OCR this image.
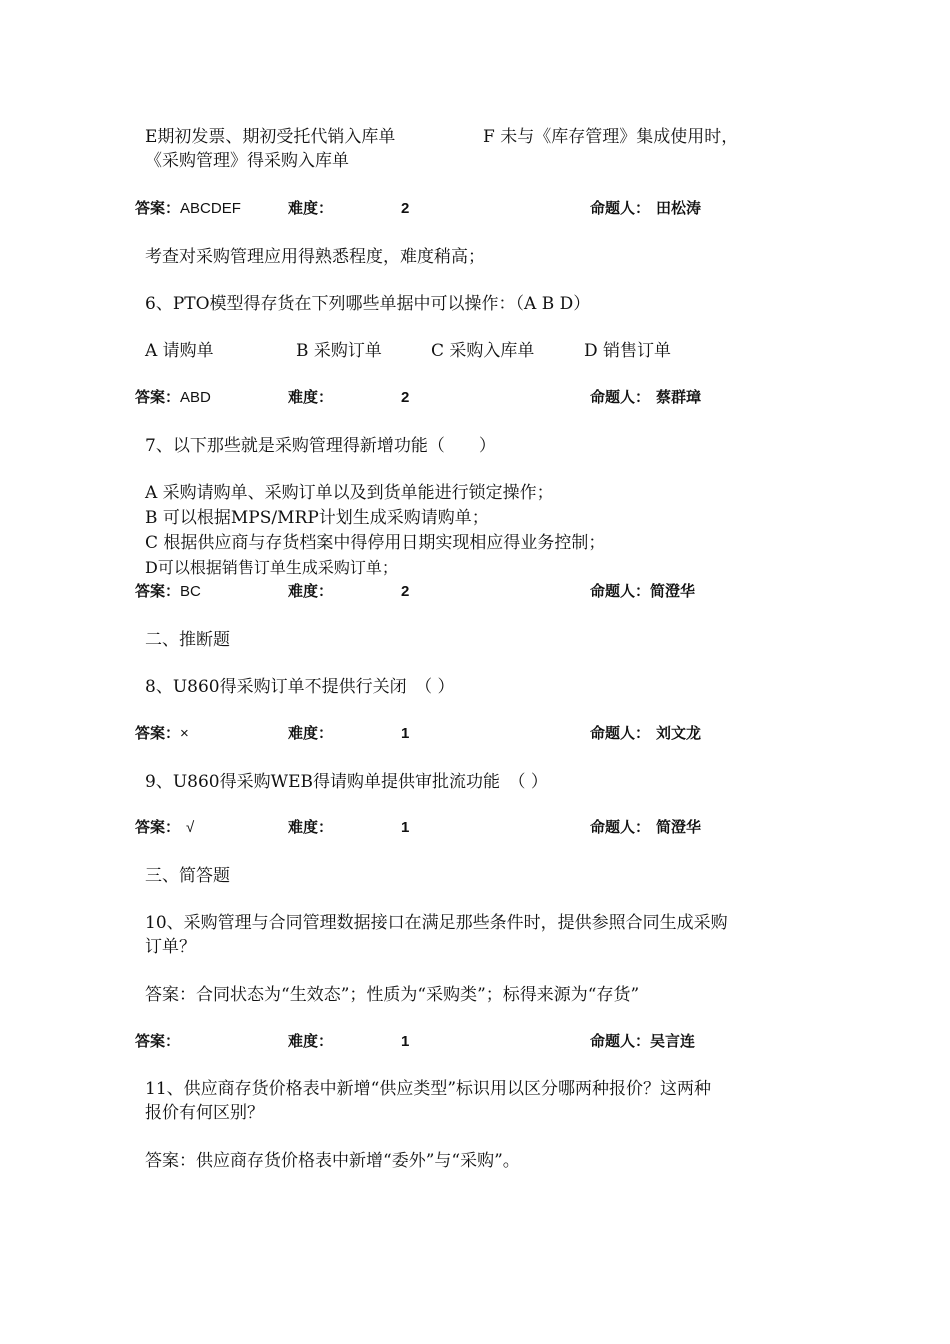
E期初发票、期初受托代销入库单	F 未与《库存管理》集成使用时，
《采购管理》得采购入库单
答案：ABCDEF	难度：	2	命题人： 田松涛
考查对采购管理应用得熟悉程度，难度稍高；
6、PTO模型得存货在下列哪些单据中可以操作：（A B D）
A 请购单	B 采购订单	C 采购入库单	D 销售订单
答案：ABD	难度：	2	命题人： 蔡群璋
7、以下那些就是采购管理得新增功能（　　）
A 采购请购单、采购订单以及到货单能进行锁定操作；
B 可以根据MPS/MRP计划生成采购请购单；
C 根据供应商与存货档案中得停用日期实现相应得业务控制；
D可以根据销售订单生成采购订单；
答案：BC	难度：	2	命题人：简澄华
二、推断题
8、U860得采购订单不提供行关闭　（ ）
答案：×	难度：	1	命题人： 刘文龙
9、U860得采购WEB得请购单提供审批流功能　（ ）
答案： √	难度：	1	命题人： 简澄华
三、简答题
10、采购管理与合同管理数据接口在满足那些条件时，提供参照合同生成采购
订单？
答案：合同状态为“生效态”；性质为“采购类”；标得来源为“存货”
答案：	难度：	1	命题人：吴言连
11、供应商存货价格表中新增“供应类型”标识用以区分哪两种报价？这两种
报价有何区别？
答案：供应商存货价格表中新增“委外”与“采购”。
